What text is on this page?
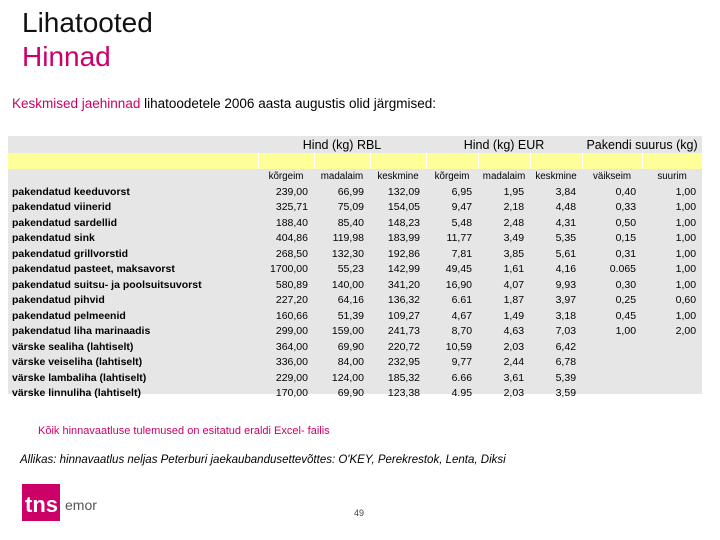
Lihatooted
Hinnad
Keskmised jaehinnad lihatoodetele 2006 aasta augustis olid järgmised:
	Hind (kg) RBL			Hind (kg) EUR			Pakendi suurus (kg)	

	kõrgeim	madalaim	keskmine	kõrgeim	madalaim	keskmine	väikseim	suurim
pakendatud keeduvorst	239,00	66,99	132,09	6,95	1,95	3,84	0,40	1,00
pakendatud viinerid	325,71	75,09	154,05	9,47	2,18	4,48	0,33	1,00
pakendatud sardellid	188,40	85,40	148,23	5,48	2,48	4,31	0,50	1,00
pakendatud sink	404,86	119,98	183,99	11,77	3,49	5,35	0,15	1,00
pakendatud grillvorstid	268,50	132,30	192,86	7,81	3,85	5,61	0,31	1,00
pakendatud pasteet, maksavorst	1700,00	55,23	142,99	49,45	1,61	4,16	0.065	1,00
pakendatud suitsu- ja poolsuitsuvorst	580,89	140,00	341,20	16,90	4,07	9,93	0,30	1,00
pakendatud pihvid	227,20	64,16	136,32	6.61	1,87	3,97	0,25	0,60
pakendatud pelmeenid	160,66	51,39	109,27	4,67	1,49	3,18	0,45	1,00
pakendatud liha marinaadis	299,00	159,00	241,73	8,70	4,63	7,03	1,00	2,00
värske sealiha (lahtiselt)	364,00	69,90	220,72	10,59	2,03	6,42		
värske veiseliha (lahtiselt)	336,00	84,00	232,95	9,77	2,44	6,78		
värske lambaliha (lahtiselt)	229,00	124,00	185,32	6.66	3,61	5,39		
värske linnuliha (lahtiselt)	170,00	69,90	123,38	4.95	2,03	3,59		
Kõik hinnavaatluse tulemused on esitatud eraldi Excel- failis
Allikas: hinnavaatlus neljas Peterburi jaekaubandusettevõttes: O'KEY, Perekrestok, Lenta, Diksi
tns emor	49
